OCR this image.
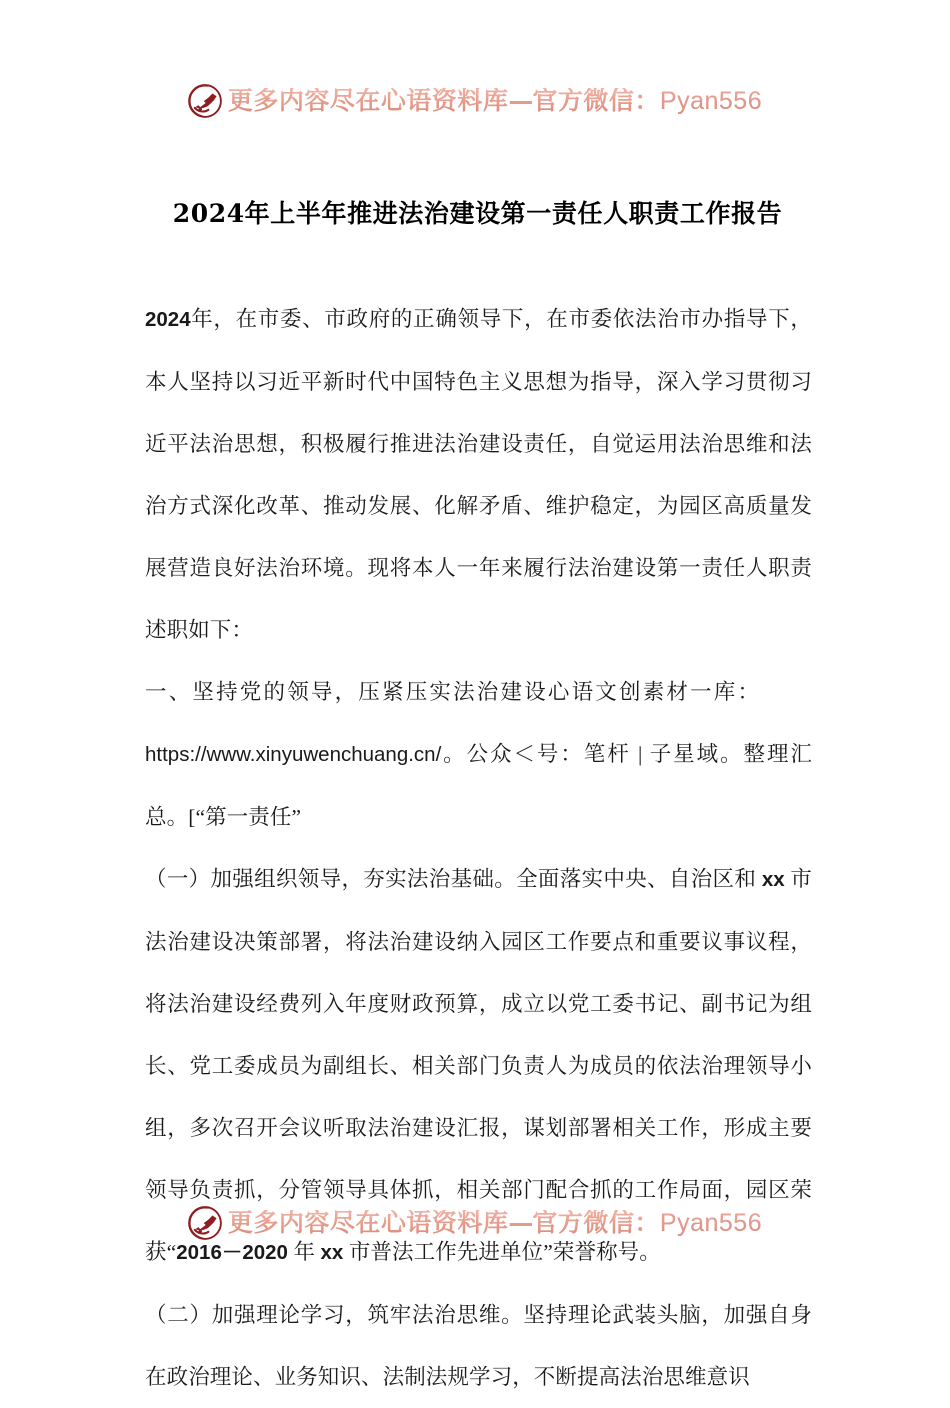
更多内容尽在心语资料库—官方微信：Pyan556
2024年上半年推进法治建设第一责任人职责工作报告
2024年，在市委、市政府的正确领导下，在市委依法治市办指导下，本人坚持以习近平新时代中国特色主义思想为指导，深入学习贯彻习近平法治思想，积极履行推进法治建设责任，自觉运用法治思维和法治方式深化改革、推动发展、化解矛盾、维护稳定，为园区高质量发展营造良好法治环境。现将本人一年来履行法治建设第一责任人职责述职如下：
一、坚持党的领导，压紧压实法治建设心语文创素材一库：
https://www.xinyuwenchuang.cn/。公众＜号：笔杆 | 子星域。整理汇总。[“第一责任”
（一）加强组织领导，夯实法治基础。全面落实中央、自治区和 xx 市法治建设决策部署，将法治建设纳入园区工作要点和重要议事议程，将法治建设经费列入年度财政预算，成立以党工委书记、副书记为组长、党工委成员为副组长、相关部门负责人为成员的依法治理领导小组，多次召开会议听取法治建设汇报，谋划部署相关工作，形成主要领导负责抓，分管领导具体抓，相关部门配合抓的工作局面，园区荣获“2016－2020 年 xx 市普法工作先进单位”荣誉称号。
（二）加强理论学习，筑牢法治思维。坚持理论武装头脑，加强自身在政治理论、业务知识、法制法规学习，不断提高法治思维意识
更多内容尽在心语资料库—官方微信：Pyan556
